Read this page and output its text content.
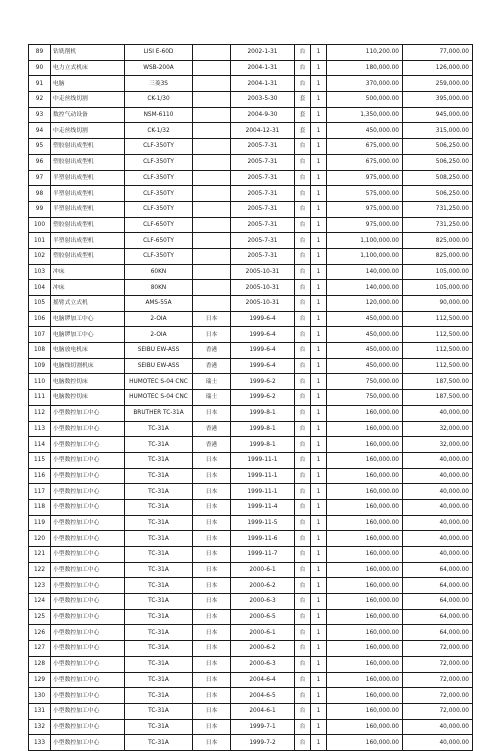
89	钻铣削机	LISI E-60D		2002-1-31	台	1	110,200.00	77,000.00
90	电力立式机床	WSB-200A		2004-1-31	台	1	180,000.00	126,000.00
91	电脑	三菱3S		2004-1-31	台	1	370,000.00	259,000.00
92	中走丝线切割	CK-1/30		2003-5-30	套	1	500,000.00	395,000.00
93	数控气动设备	NSM-6110		2004-9-30	套	1	1,350,000.00	945,000.00
94	中走丝线切割	CK-1/32		2004-12-31	套	1	450,000.00	315,000.00
95	塑胶射出成型机	CLF-350TY		2005-7-31	台	1	675,000.00	506,250.00
96	塑胶射出成型机	CLF-350TY		2005-7-31	台	1	675,000.00	506,250.00
97	半塑射出成型机	CLF-350TY		2005-7-31	台	1	975,000.00	508,250.00
98	半塑射出成型机	CLF-350TY		2005-7-31	台	1	575,000.00	506,250.00
99	半塑射出成型机	CLF-350TY		2005-7-31	台	1	975,000.00	731,250.00
100	塑胶射出成型机	CLF-650TY		2005-7-31	台	1	975,000.00	731,250.00
101	半塑射出成型机	CLF-650TY		2005-7-31	台	1	1,100,000.00	825,000.00
102	塑胶射出成型机	CLF-350TY		2005-7-31	台	1	1,100,000.00	825,000.00
103	冲床	60KN		2005-10-31	台	1	140,000.00	105,000.00
104	冲床	80KN		2005-10-31	台	1	140,000.00	105,000.00
105	摇臂式立式机	AMS-55A		2005-10-31	台	1	120,000.00	90,000.00
106	电脑锣加工中心	2-OIA	日本	1999-6-4	台	1	450,000.00	112,500.00
107	电脑锣加工中心	2-OIA	日本	1999-6-4	台	1	450,000.00	112,500.00
108	电脑放电机床	SEIBU EW-ASS	香港	1999-6-4	台	1	450,000.00	112,500.00
109	电脑线切割机床	SEIBU EW-ASS	香港	1999-6-4	台	1	450,000.00	112,500.00
110	电脑数控切床	HUMOTEC S-04 CNC	瑞士	1999-6-2	台	1	750,000.00	187,500.00
111	电脑数控切床	HUMOTEC S-04 CNC	瑞士	1999-6-2	台	1	750,000.00	187,500.00
112	小型数控加工中心	BRUTHER TC-31A	日本	1999-8-1	台	1	160,000.00	40,000.00
113	小型数控加工中心	TC-31A	香港	1999-8-1	台	1	160,000.00	32,000.00
114	小型数控加工中心	TC-31A	香港	1999-8-1	台	1	160,000.00	32,000.00
115	小型数控加工中心	TC-31A	日本	1999-11-1	台	1	160,000.00	40,000.00
116	小型数控加工中心	TC-31A	日本	1999-11-1	台	1	160,000.00	40,000.00
117	小型数控加工中心	TC-31A	日本	1999-11-1	台	1	160,000.00	40,000.00
118	小型数控加工中心	TC-31A	日本	1999-11-4	台	1	160,000.00	40,000.00
119	小型数控加工中心	TC-31A	日本	1999-11-5	台	1	160,000.00	40,000.00
120	小型数控加工中心	TC-31A	日本	1999-11-6	台	1	160,000.00	40,000.00
121	小型数控加工中心	TC-31A	日本	1999-11-7	台	1	160,000.00	40,000.00
122	小型数控加工中心	TC-31A	日本	2000-6-1	台	1	160,000.00	64,000.00
123	小型数控加工中心	TC-31A	日本	2000-6-2	台	1	160,000.00	64,000.00
124	小型数控加工中心	TC-31A	日本	2000-6-3	台	1	160,000.00	64,000.00
125	小型数控加工中心	TC-31A	日本	2000-6-5	台	1	160,000.00	64,000.00
126	小型数控加工中心	TC-31A	日本	2000-6-1	台	1	160,000.00	64,000.00
127	小型数控加工中心	TC-31A	日本	2000-6-2	台	1	160,000.00	72,000.00
128	小型数控加工中心	TC-31A	日本	2000-6-3	台	1	160,000.00	72,000.00
129	小型数控加工中心	TC-31A	日本	2004-6-4	台	1	160,000.00	72,000.00
130	小型数控加工中心	TC-31A	日本	2004-6-5	台	1	160,000.00	72,000.00
131	小型数控加工中心	TC-31A	日本	2004-6-1	台	1	160,000.00	72,000.00
132	小型数控加工中心	TC-31A	日本	1999-7-1	台	1	160,000.00	40,000.00
133	小型数控加工中心	TC-31A	日本	1999-7-2	台	1	160,000.00	40,000.00
